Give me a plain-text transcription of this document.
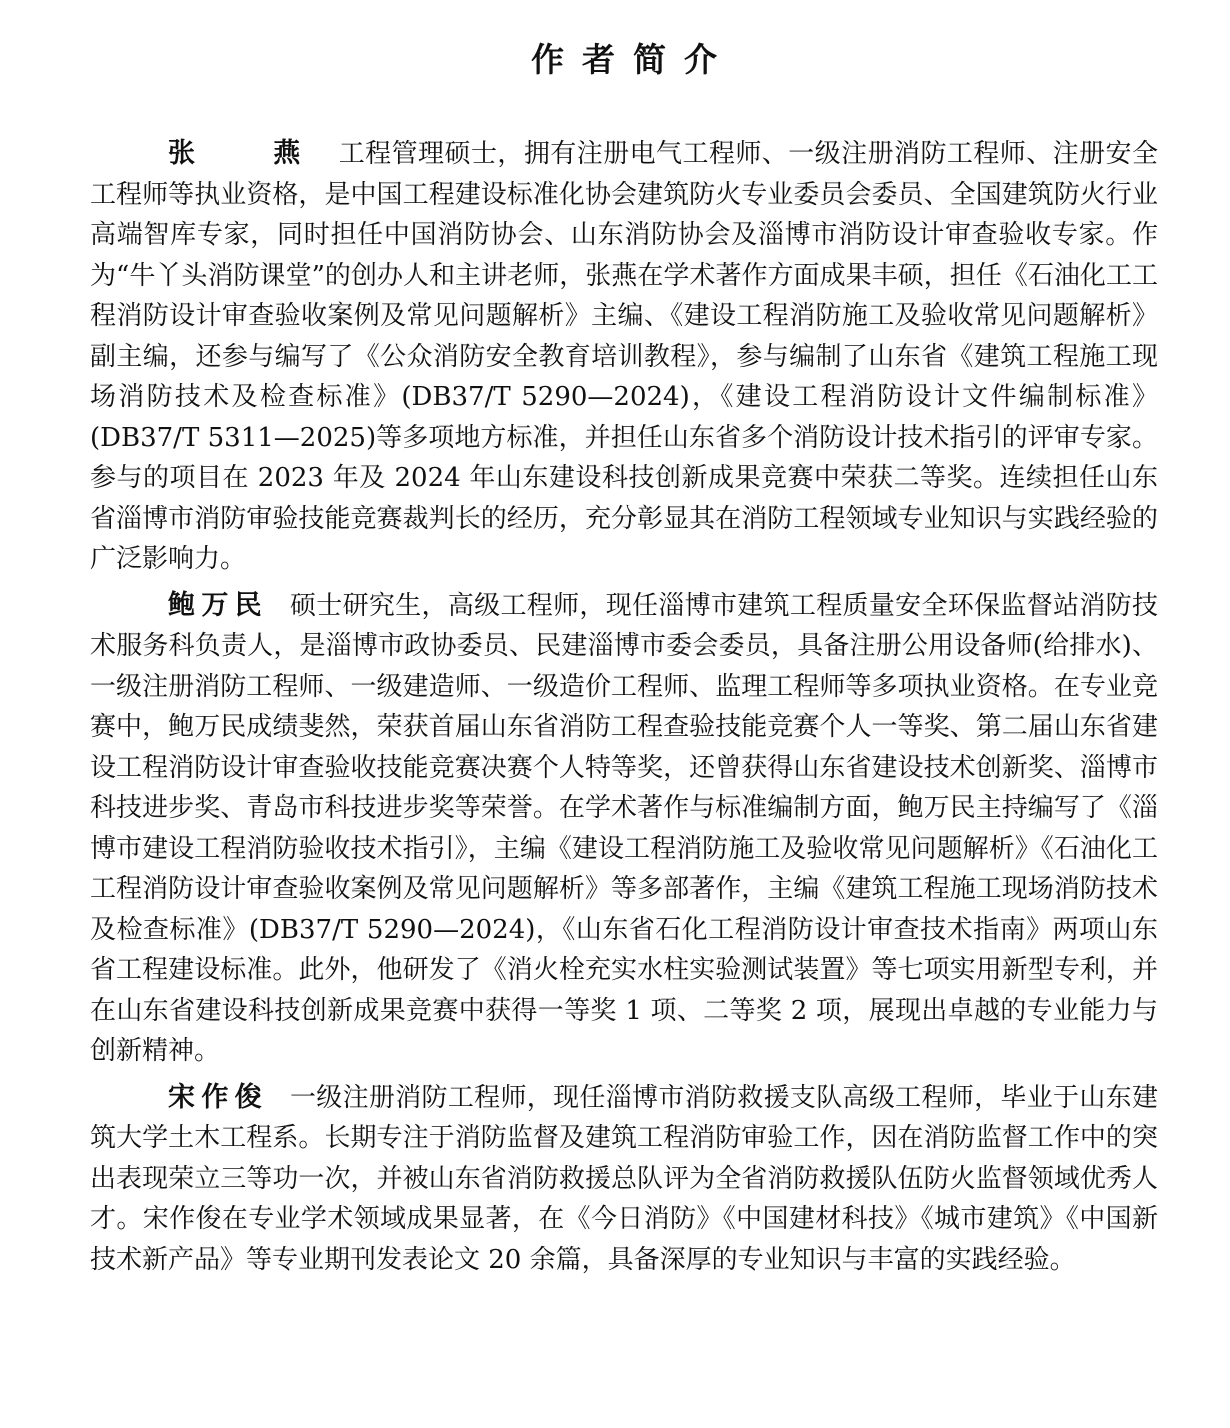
作者简介

张 燕 工程管理硕士，拥有注册电气工程师、一级注册消防工程师、注册安全工程师等执业资格，是中国工程建设标准化协会建筑防火专业委员会委员、全国建筑防火行业高端智库专家，同时担任中国消防协会、山东消防协会及淄博市消防设计审查验收专家。作为“牛丫头消防课堂”的创办人和主讲老师，张燕在学术著作方面成果丰硕，担任《石油化工工程消防设计审查验收案例及常见问题解析》主编、《建设工程消防施工及验收常见问题解析》副主编，还参与编写了《公众消防安全教育培训教程》，参与编制了山东省《建筑工程施工现场消防技术及检查标准》(DB37/T 5290—2024)，《建设工程消防设计文件编制标准》(DB37/T 5311—2025)等多项地方标准，并担任山东省多个消防设计技术指引的评审专家。参与的项目在 2023 年及 2024 年山东建设科技创新成果竞赛中荣获二等奖。连续担任山东省淄博市消防审验技能竞赛裁判长的经历，充分彰显其在消防工程领域专业知识与实践经验的广泛影响力。

鲍万民 硕士研究生，高级工程师，现任淄博市建筑工程质量安全环保监督站消防技术服务科负责人，是淄博市政协委员、民建淄博市委会委员，具备注册公用设备师(给排水)、一级注册消防工程师、一级建造师、一级造价工程师、监理工程师等多项执业资格。在专业竞赛中，鲍万民成绩斐然，荣获首届山东省消防工程查验技能竞赛个人一等奖、第二届山东省建设工程消防设计审查验收技能竞赛决赛个人特等奖，还曾获得山东省建设技术创新奖、淄博市科技进步奖、青岛市科技进步奖等荣誉。在学术著作与标准编制方面，鲍万民主持编写了《淄博市建设工程消防验收技术指引》，主编《建设工程消防施工及验收常见问题解析》《石油化工工程消防设计审查验收案例及常见问题解析》等多部著作，主编《建筑工程施工现场消防技术及检查标准》(DB37/T 5290—2024)，《山东省石化工程消防设计审查技术指南》两项山东省工程建设标准。此外，他研发了《消火栓充实水柱实验测试装置》等七项实用新型专利，并在山东省建设科技创新成果竞赛中获得一等奖 1 项、二等奖 2 项，展现出卓越的专业能力与创新精神。

宋作俊 一级注册消防工程师，现任淄博市消防救援支队高级工程师，毕业于山东建筑大学土木工程系。长期专注于消防监督及建筑工程消防审验工作，因在消防监督工作中的突出表现荣立三等功一次，并被山东省消防救援总队评为全省消防救援队伍防火监督领域优秀人才。宋作俊在专业学术领域成果显著，在《今日消防》《中国建材科技》《城市建筑》《中国新技术新产品》等专业期刊发表论文 20 余篇，具备深厚的专业知识与丰富的实践经验。
